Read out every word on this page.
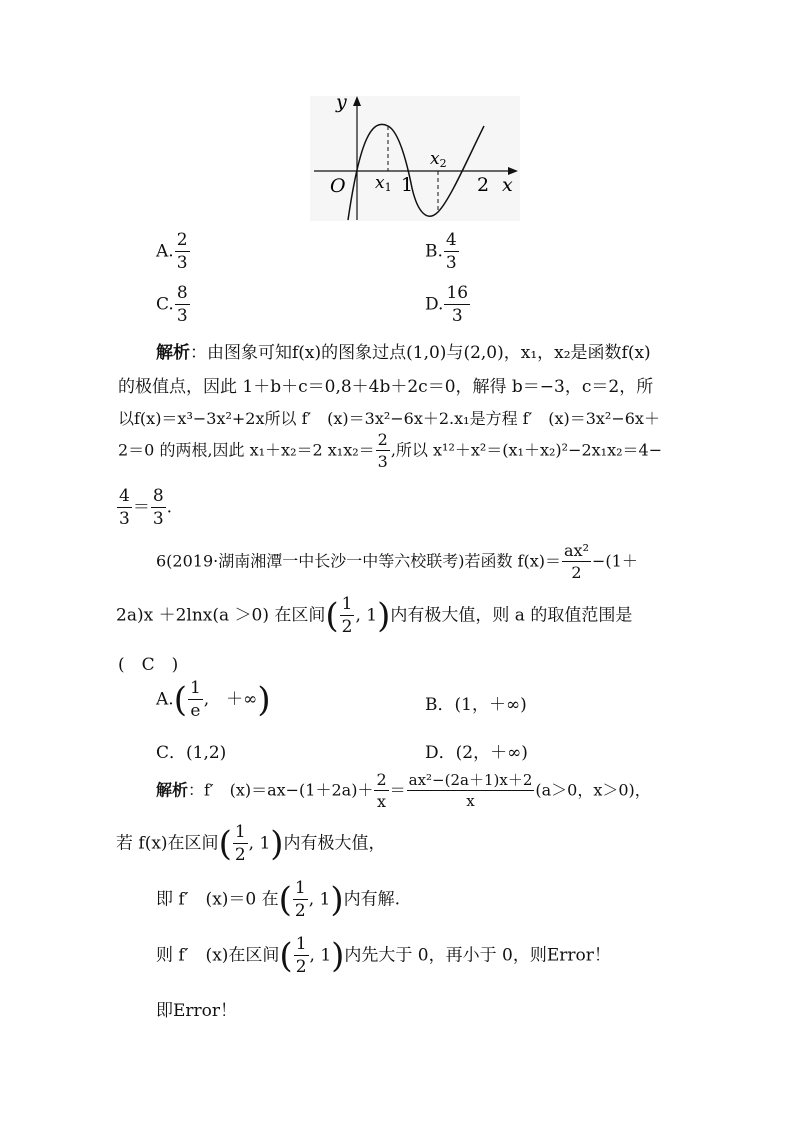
y
x
O x1
x2
1	2
A. $\frac{2}{3}$	B. $\frac{4}{3}$
C. $\frac{8}{3}$	D. $\frac{16}{3}$
解析：由图象可知f(x)的图象过点(1,0)与(2,0)，x₁，x₂是函数f(x)
的极值点，因此 1＋b＋c＝0,8＋4b＋2c＝0，解得 b＝−3，c＝2，所
以f(x)＝x³−3x²+2x所以 f′　(x)＝3x²−6x＋2.x₁是方程 f′　(x)＝3x²−6x＋
2＝0 的两根,因此 x₁＋x₂＝2 $x_1x_2= \frac{2}{3}$ ,所以 x¹²＋x²＝(x₁＋x₂)²−2x₁x₂＝4−
$\frac{4}{3} = \frac{8}{3}$ .
6(2019·湖南湘潭一中长沙一中等六校联考)若函数 $f(x)= \frac{\text{ax²}}{2} -(1+$
2a)x ＋2lnx(a ＞0) 在区间( $\frac{1}{2}$ , 1)内有极大值，则 a 的取值范围是
(　C　)
$A.( \frac{1}{e}$ ,　＋∞)	B．(1，＋∞)
C．(1,2)	D．(2，＋∞)
解析：f′　$(x)=ax-(1+2a)+ \frac{2}{x} = \frac{\text{ax²−(2a＋1)x＋2}}{x} (a>0$，x＞0)，
若 f(x)在区间( $\frac{1}{2}$ , 1)内有极大值，
即 f′　(x)＝0 在( $\frac{1}{2}$ , 1)内有解.
则 f′　(x)在区间( $\frac{1}{2}$ , 1)内先大于 0，再小于 0，则Error！
即Error！
